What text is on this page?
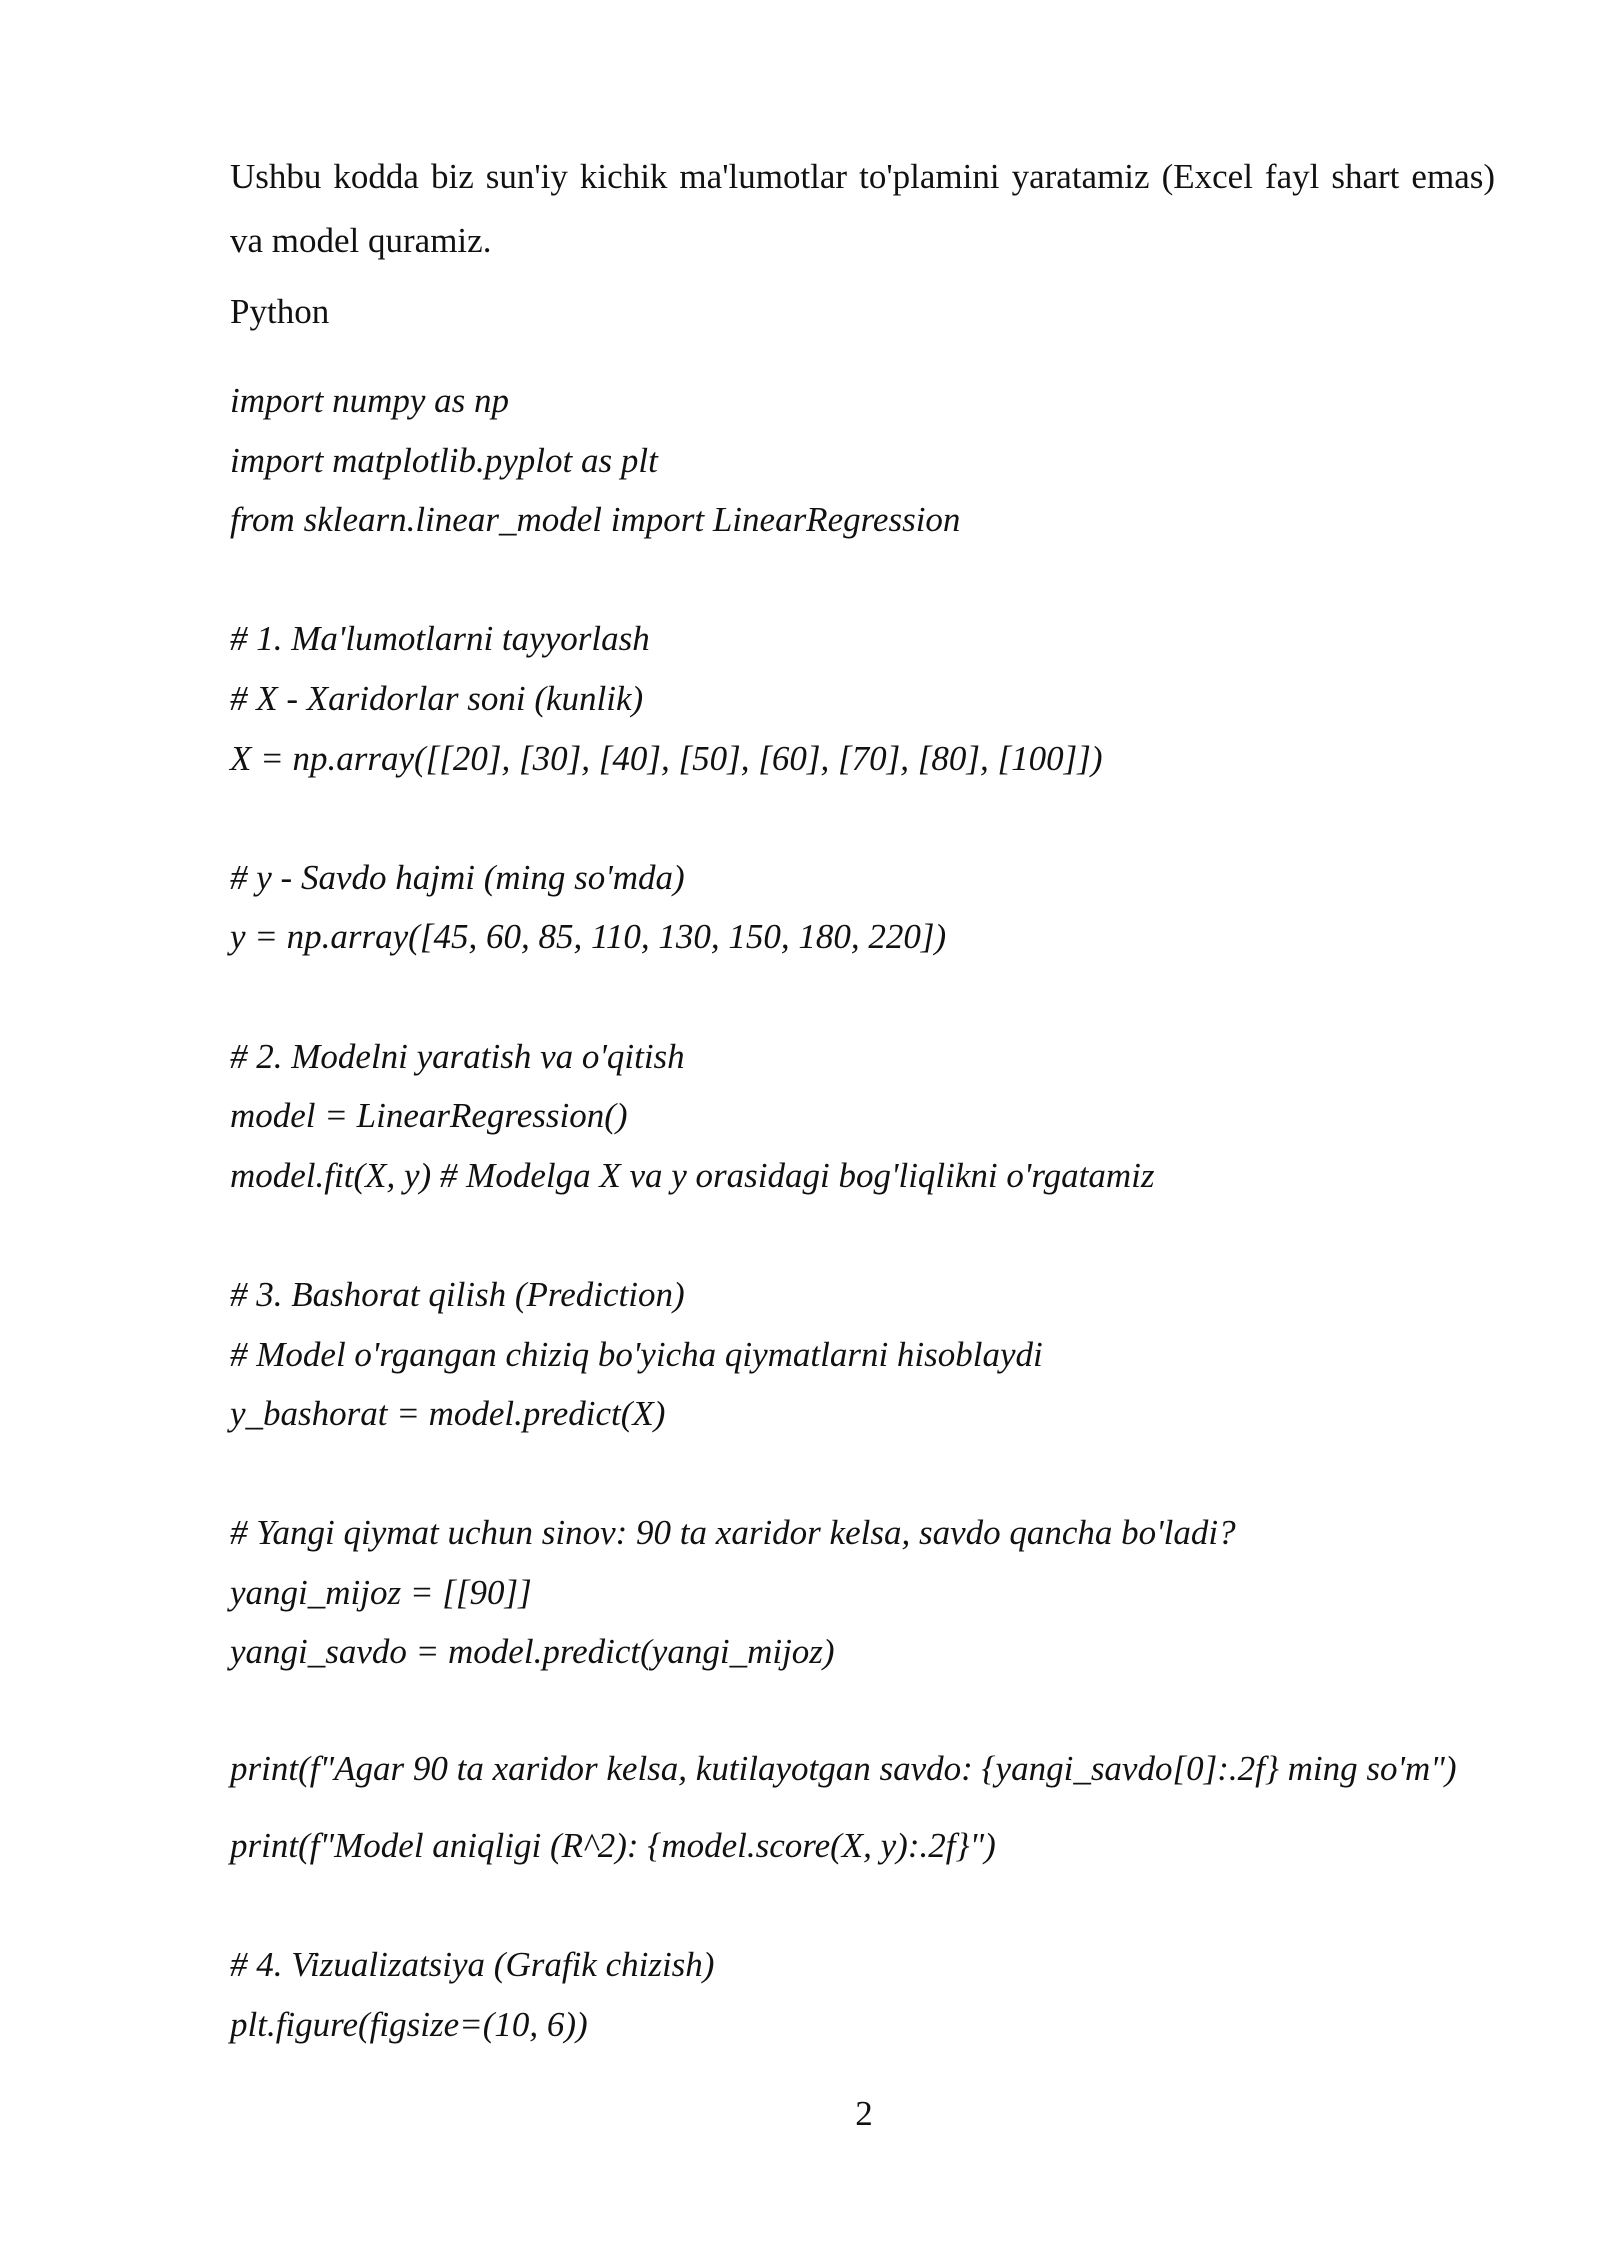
Ushbu kodda biz sun'iy kichik ma'lumotlar to'plamini yaratamiz (Excel fayl shart emas) va model quramiz.

Python

import numpy as np
import matplotlib.pyplot as plt
from sklearn.linear_model import LinearRegression
# 1. Ma'lumotlarni tayyorlash
# X - Xaridorlar soni (kunlik)
X = np.array([[20], [30], [40], [50], [60], [70], [80], [100]])
# y - Savdo hajmi (ming so'mda)
y = np.array([45, 60, 85, 110, 130, 150, 180, 220])
# 2. Modelni yaratish va o'qitish
model = LinearRegression()
model.fit(X, y) # Modelga X va y orasidagi bog'liqlikni o'rgatamiz
# 3. Bashorat qilish (Prediction)
# Model o'rgangan chiziq bo'yicha qiymatlarni hisoblaydi
y_bashorat = model.predict(X)
# Yangi qiymat uchun sinov: 90 ta xaridor kelsa, savdo qancha bo'ladi?
yangi_mijoz = [[90]]
yangi_savdo = model.predict(yangi_mijoz)
print(f"Agar 90 ta xaridor kelsa, kutilayotgan savdo: {yangi_savdo[0]:.2f} ming so'm")
print(f"Model aniqligi (R^2): {model.score(X, y):.2f}")
# 4. Vizualizatsiya (Grafik chizish)
plt.figure(figsize=(10, 6))
2
